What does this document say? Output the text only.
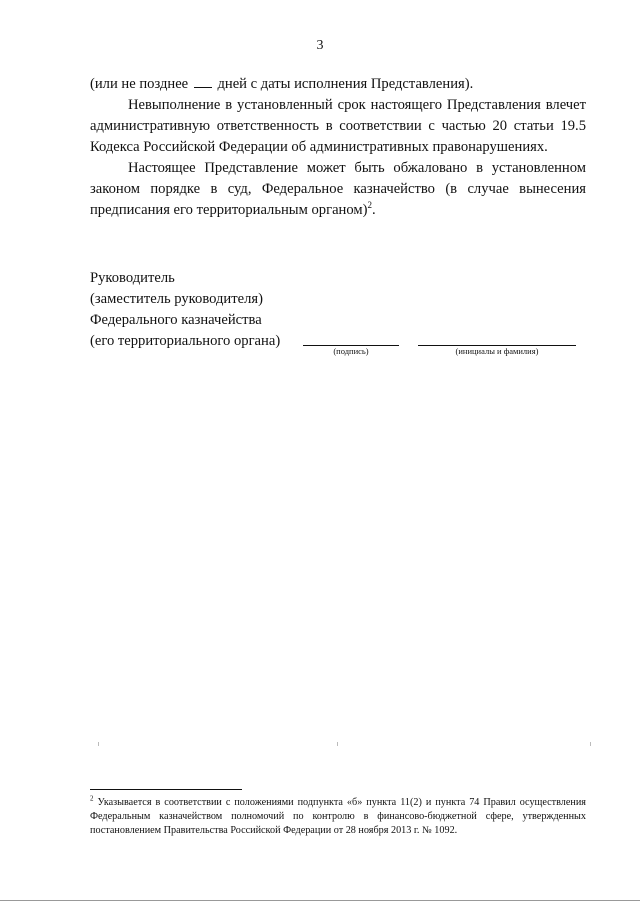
3

(или не позднее дней с даты исполнения Представления).

Невыполнение в установленный срок настоящего Представления влечет административную ответственность в соответствии с частью 20 статьи 19.5 Кодекса Российской Федерации об административных правонарушениях.

Настоящее Представление может быть обжаловано в установленном законом порядке в суд, Федеральное казначейство (в случае вынесения предписания его территориальным органом)$^2$.

Руководитель
(заместитель руководителя)
Федерального казначейства
(его территориального органа)
(подпись)	(инициалы и фамилия)
$^2$ Указывается в соответствии с положениями подпункта «б» пункта 11(2) и пункта 74 Правил осуществления Федеральным казначейством полномочий по контролю в финансово-бюджетной сфере, утвержденных постановлением Правительства Российской Федерации от 28 ноября 2013 г. № 1092.
